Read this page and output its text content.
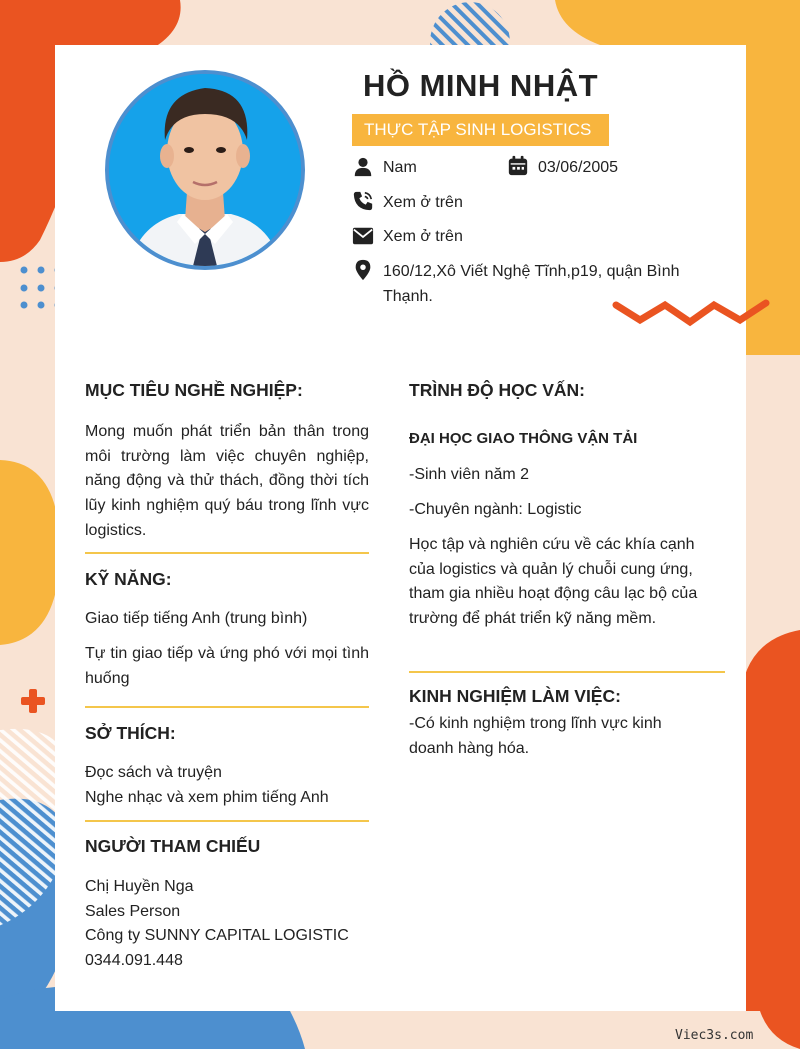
HỒ MINH NHẬT
THỰC TẬP SINH LOGISTICS
Nam	03/06/2005
Xem ở trên
Xem ở trên
160/12,Xô Viết Nghệ Tĩnh,p19, quận Bình Thạnh.
MỤC TIÊU NGHỀ NGHIỆP:
Mong muốn phát triển bản thân trong môi trường làm việc chuyên nghiệp, năng động và thử thách, đồng thời tích lũy kinh nghiệm quý báu trong lĩnh vực logistics.
KỸ NĂNG:
Giao tiếp tiếng Anh (trung bình)
Tự tin giao tiếp và ứng phó với mọi tình huống
SỞ THÍCH:
Đọc sách và truyện
Nghe nhạc và xem phim tiếng Anh
NGƯỜI THAM CHIẾU
Chị Huyền Nga
Sales Person
Công ty SUNNY CAPITAL LOGISTIC
0344.091.448
TRÌNH ĐỘ HỌC VẤN:
ĐẠI HỌC GIAO THÔNG VẬN TẢI
-Sinh viên năm 2
-Chuyên ngành: Logistic
Học tập và nghiên cứu về các khía cạnh của logistics và quản lý chuỗi cung ứng, tham gia nhiều hoạt động câu lạc bộ của trường để phát triển kỹ năng mềm.
KINH NGHIỆM LÀM VIỆC:
-Có kinh nghiệm trong lĩnh vực kinh doanh hàng hóa.
Viec3s.com
